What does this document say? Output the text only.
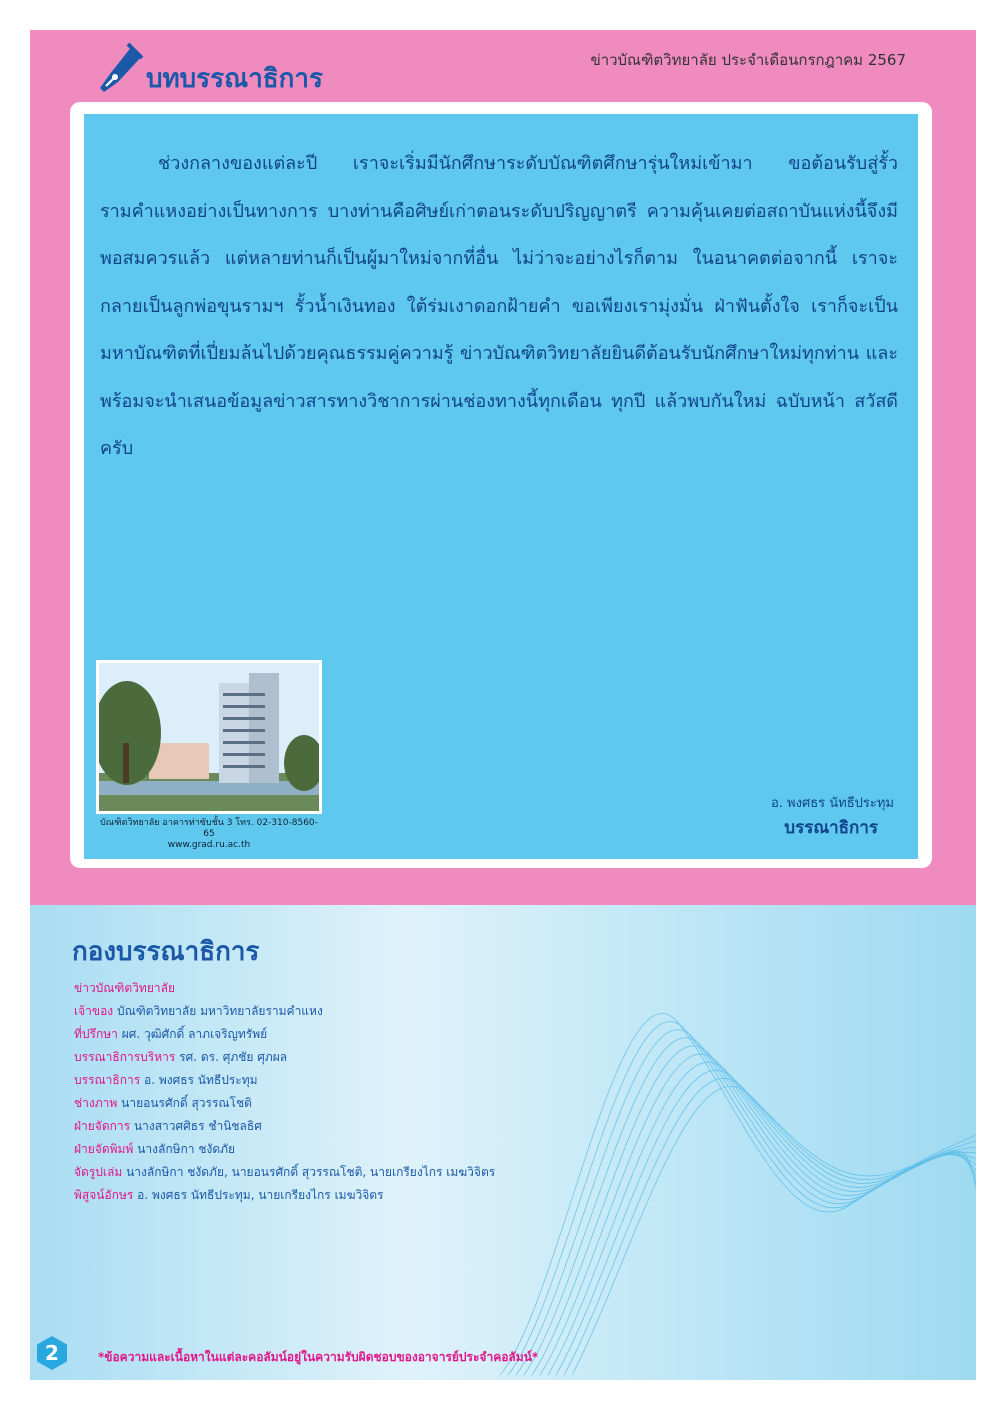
บทบรรณาธิการ
ข่าวบัณฑิตวิทยาลัย ประจำเดือนกรกฎาคม 2567
ช่วงกลางของแต่ละปี เราจะเริ่มมีนักศึกษาระดับบัณฑิตศึกษารุ่นใหม่เข้ามา ขอต้อนรับสู่รั้วรามคำแหงอย่างเป็นทางการ บางท่านคือศิษย์เก่าตอนระดับปริญญาตรี ความคุ้นเคยต่อสถาบันแห่งนี้จึงมีพอสมควรแล้ว แต่หลายท่านก็เป็นผู้มาใหม่จากที่อื่น ไม่ว่าจะอย่างไรก็ตาม ในอนาคตต่อจากนี้ เราจะกลายเป็นลูกพ่อขุนรามฯ รั้วน้ำเงินทอง ใต้ร่มเงาดอกฝ้ายคำ ขอเพียงเรามุ่งมั่น ฝ่าฟันตั้งใจ เราก็จะเป็นมหาบัณฑิตที่เปี่ยมล้นไปด้วยคุณธรรมคู่ความรู้ ข่าวบัณฑิตวิทยาลัยยินดีต้อนรับนักศึกษาใหม่ทุกท่าน และพร้อมจะนำเสนอข้อมูลข่าวสารทางวิชาการผ่านช่องทางนี้ทุกเดือน ทุกปี แล้วพบกันใหม่ ฉบับหน้า สวัสดีครับ
บัณฑิตวิทยาลัย อาคารท่าซับชั้น 3 โทร. 02-310-8560-65
www.grad.ru.ac.th
อ. พงศธร นัทธีประทุม
บรรณาธิการ
กองบรรณาธิการ
ข่าวบัณฑิตวิทยาลัย
เจ้าของ บัณฑิตวิทยาลัย มหาวิทยาลัยรามคำแหง
ที่ปรึกษา ผศ. วุฒิศักดิ์ ลาภเจริญทรัพย์
บรรณาธิการบริหาร รศ. ดร. ศุภชัย ศุภผล
บรรณาธิการ อ. พงศธร นัทธีประทุม
ช่างภาพ นายอนรศักดิ์ สุวรรณโชติ
ฝ่ายจัดการ นางสาวศศิธร ชำนิชลธิศ
ฝ่ายจัดพิมพ์ นางลักษิกา ชงัดภัย
จัดรูปเล่ม นางลักษิกา ชงัดภัย, นายอนรศักดิ์ สุวรรณโชติ, นายเกรียงไกร เมฆวิจิตร
พิสูจน์อักษร อ. พงศธร นัทธีประทุม, นายเกรียงไกร เมฆวิจิตร
2	*ข้อความและเนื้อหาในแต่ละคอลัมน์อยู่ในความรับผิดชอบของอาจารย์ประจำคอลัมน์*
